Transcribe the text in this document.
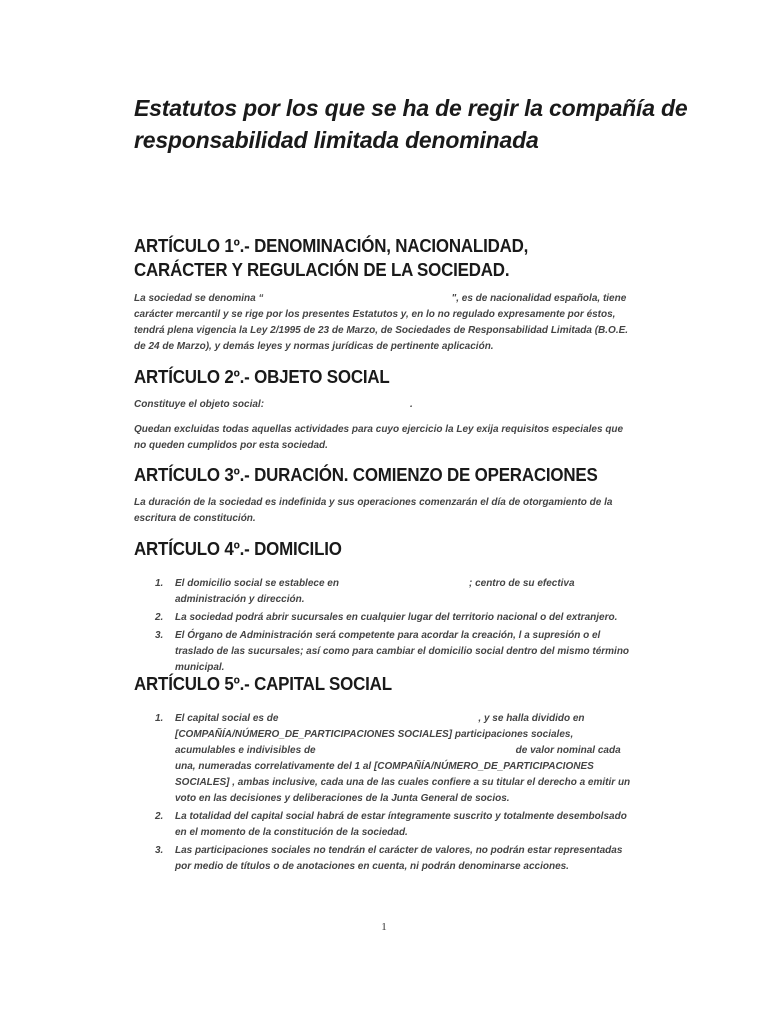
Estatutos por los que se ha de regir la compañía de responsabilidad limitada denominada
ARTÍCULO 1º.- DENOMINACIÓN, NACIONALIDAD,
CARÁCTER Y REGULACIÓN DE LA SOCIEDAD.

La sociedad se denomina “	", es de nacionalidad española, tiene carácter mercantil y se rige por los presentes Estatutos y, en lo no regulado expresamente por éstos, tendrá plena vigencia la Ley 2/1995 de 23 de Marzo, de Sociedades de Responsabilidad Limitada (B.O.E. de 24 de Marzo), y demás leyes y normas jurídicas de pertinente aplicación.

ARTÍCULO 2º.- OBJETO SOCIAL

Constituye el objeto social:	.

Quedan excluidas todas aquellas actividades para cuyo ejercicio la Ley exija requisitos especiales que no queden cumplidos por esta sociedad.

ARTÍCULO 3º.- DURACIÓN. COMIENZO DE OPERACIONES

La duración de la sociedad es indefinida y sus operaciones comenzarán el día de otorgamiento de la escritura de constitución.

ARTÍCULO 4º.- DOMICILIO
1. El domicilio social se establece en	; centro de su efectiva administración y dirección.
2. La sociedad podrá abrir sucursales en cualquier lugar del territorio nacional o del extranjero.
3. El Órgano de Administración será competente para acordar la creación, l a supresión o el traslado de las sucursales; así como para cambiar el domicilio social dentro del mismo término municipal.
ARTÍCULO 5º.- CAPITAL SOCIAL
1. El capital social es de	, y se halla dividido en [COMPAÑÍA/NÚMERO_DE_PARTICIPACIONES SOCIALES] participaciones sociales, acumulables e indivisibles de	de valor nominal cada una, numeradas correlativamente del 1 al [COMPAÑÍA/NÚMERO_DE_PARTICIPACIONES SOCIALES] , ambas inclusive, cada una de las cuales confiere a su titular el derecho a emitir un voto en las decisiones y deliberaciones de la Junta General de socios.
2. La totalidad del capital social habrá de estar íntegramente suscrito y totalmente desembolsado en el momento de la constitución de la sociedad.
3. Las participaciones sociales no tendrán el carácter de valores, no podrán estar representadas por medio de títulos o de anotaciones en cuenta, ni podrán denominarse acciones.
1
